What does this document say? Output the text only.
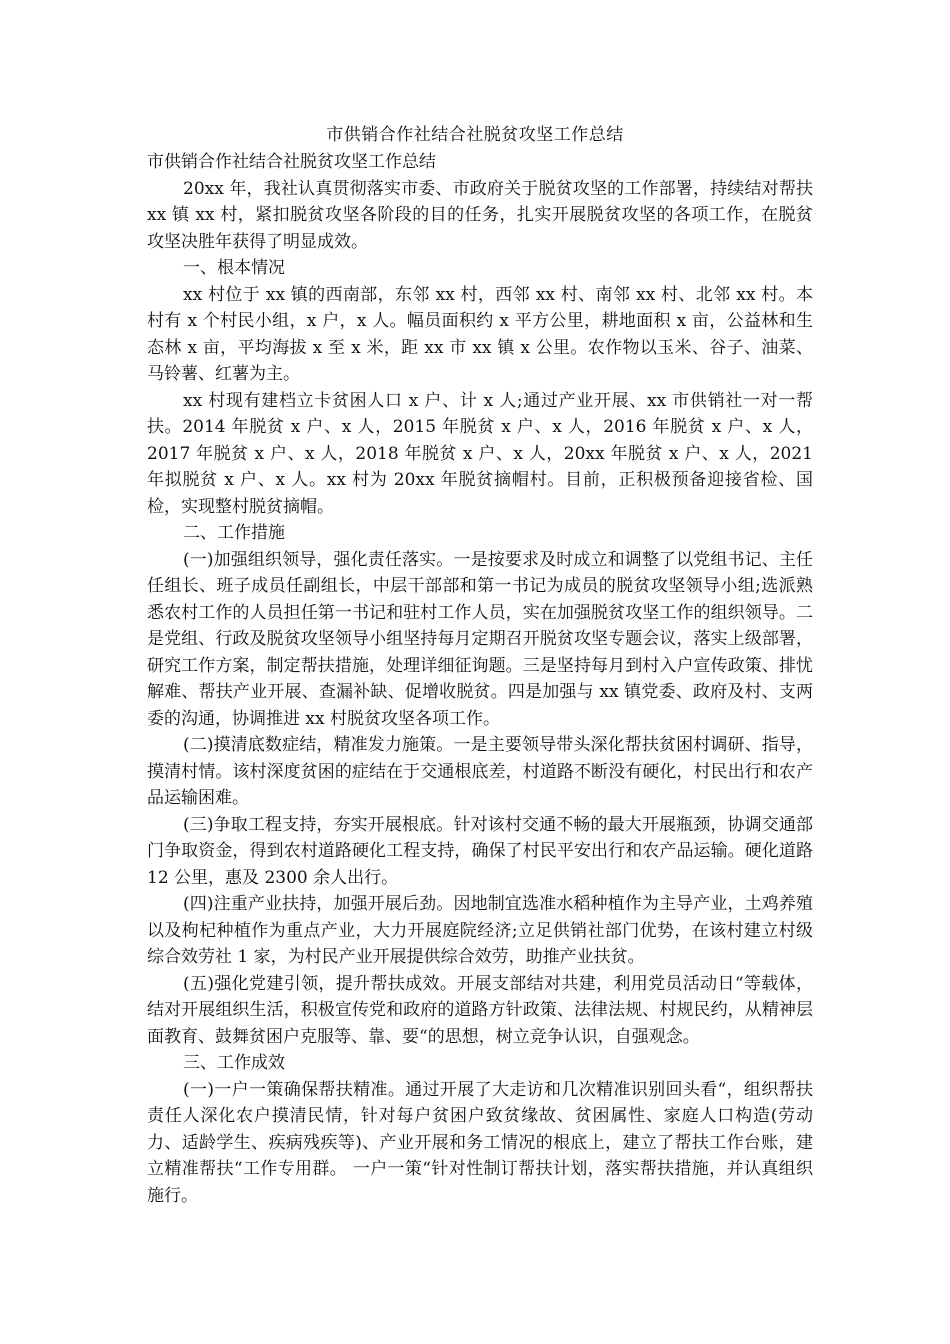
市供销合作社结合社脱贫攻坚工作总结

市供销合作社结合社脱贫攻坚工作总结

20xx 年，我社认真贯彻落实市委、市政府关于脱贫攻坚的工作部署，持续结对帮扶 xx 镇 xx 村，紧扣脱贫攻坚各阶段的目的任务，扎实开展脱贫攻坚的各项工作，在脱贫攻坚决胜年获得了明显成效。

一、根本情况

xx 村位于 xx 镇的西南部，东邻 xx 村，西邻 xx 村、南邻 xx 村、北邻 xx 村。本村有 x 个村民小组，x 户，x 人。幅员面积约 x 平方公里，耕地面积 x 亩，公益林和生态林 x 亩，平均海拔 x 至 x 米，距 xx 市 xx 镇 x 公里。农作物以玉米、谷子、油菜、马铃薯、红薯为主。

xx 村现有建档立卡贫困人口 x 户、计 x 人;通过产业开展、xx 市供销社一对一帮扶。2014 年脱贫 x 户、x 人，2015 年脱贫 x 户、x 人，2016 年脱贫 x 户、x 人，2017 年脱贫 x 户、x 人，2018 年脱贫 x 户、x 人，20xx 年脱贫 x 户、x 人，2021 年拟脱贫 x 户、x 人。xx 村为 20xx 年脱贫摘帽村。目前，正积极预备迎接省检、国检，实现整村脱贫摘帽。

二、工作措施

(一)加强组织领导，强化责任落实。一是按要求及时成立和调整了以党组书记、主任任组长、班子成员任副组长，中层干部部和第一书记为成员的脱贫攻坚领导小组;选派熟悉农村工作的人员担任第一书记和驻村工作人员，实在加强脱贫攻坚工作的组织领导。二是党组、行政及脱贫攻坚领导小组坚持每月定期召开脱贫攻坚专题会议，落实上级部署，研究工作方案，制定帮扶措施，处理详细征询题。三是坚持每月到村入户宣传政策、排忧解难、帮扶产业开展、查漏补缺、促增收脱贫。四是加强与 xx 镇党委、政府及村、支两委的沟通，协调推进 xx 村脱贫攻坚各项工作。

(二)摸清底数症结，精准发力施策。一是主要领导带头深化帮扶贫困村调研、指导，摸清村情。该村深度贫困的症结在于交通根底差，村道路不断没有硬化，村民出行和农产品运输困难。

(三)争取工程支持，夯实开展根底。针对该村交通不畅的最大开展瓶颈，协调交通部门争取资金，得到农村道路硬化工程支持，确保了村民平安出行和农产品运输。硬化道路 12 公里，惠及 2300 余人出行。

(四)注重产业扶持，加强开展后劲。因地制宜选准水稻种植作为主导产业，土鸡养殖以及枸杞种植作为重点产业，大力开展庭院经济;立足供销社部门优势，在该村建立村级综合效劳社 1 家，为村民产业开展提供综合效劳，助推产业扶贫。

(五)强化党建引领，提升帮扶成效。开展支部结对共建，利用党员活动日“等载体，结对开展组织生活，积极宣传党和政府的道路方针政策、法律法规、村规民约，从精神层面教育、鼓舞贫困户克服等、靠、要“的思想，树立竞争认识，自强观念。

三、工作成效

(一)一户一策确保帮扶精准。通过开展了大走访和几次精准识别回头看“，组织帮扶责任人深化农户摸清民情，针对每户贫困户致贫缘故、贫困属性、家庭人口构造(劳动力、适龄学生、疾病残疾等)、产业开展和务工情况的根底上，建立了帮扶工作台账，建立精准帮扶“工作专用群。 一户一策“针对性制订帮扶计划，落实帮扶措施，并认真组织施行。
